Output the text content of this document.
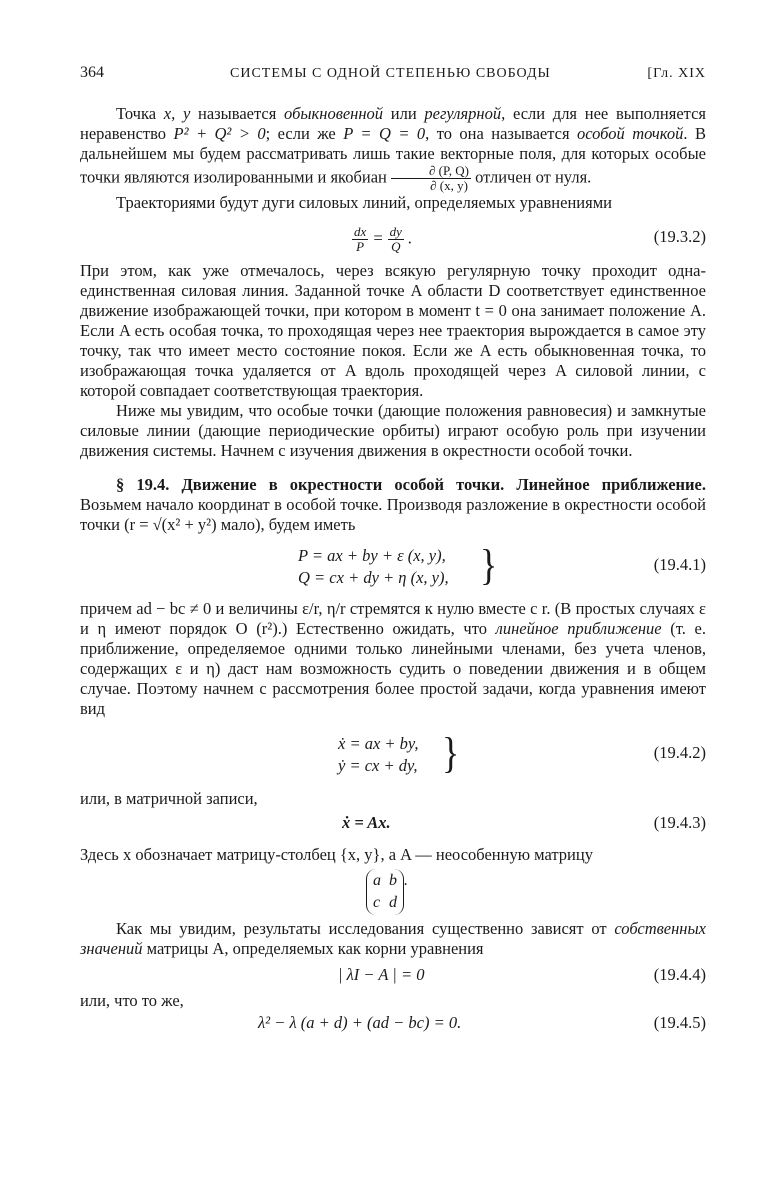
364	СИСТЕМЫ С ОДНОЙ СТЕПЕНЬЮ СВОБОДЫ	[Гл. XIX

Точка x, y называется обыкновенной или регулярной, если для нее выполняется неравенство P² + Q² > 0; если же P = Q = 0, то она называется особой точкой. В дальнейшем мы будем рассматривать лишь такие векторные поля, для которых особые точки являются изолированными и якобиан $\frac{\partial (P, Q)}{\partial (x, y)}$ отличен от нуля.

Траекториями будут дуги силовых линий, определяемых уравнениями

$\frac{dx}{P} = \frac{dy}{Q}$ .	(19.3.2)

При этом, как уже отмечалось, через всякую регулярную точку проходит одна-единственная силовая линия. Заданной точке A области D соответствует единственное движение изображающей точки, при котором в момент t = 0 она занимает положение A. Если A есть особая точка, то проходящая через нее траектория вырождается в самое эту точку, так что имеет место состояние покоя. Если же A есть обыкновенная точка, то изображающая точка удаляется от A вдоль проходящей через A силовой линии, с которой совпадает соответствующая траектория.

Ниже мы увидим, что особые точки (дающие положения равновесия) и замкнутые силовые линии (дающие периодические орбиты) играют особую роль при изучении движения системы. Начнем с изучения движения в окрестности особой точки.

§ 19.4. Движение в окрестности особой точки. Линейное приближение. Возьмем начало координат в особой точке. Производя разложение в окрестности особой точки (r = √(x² + y²) мало), будем иметь

P = ax + by + ε (x, y),
Q = cx + dy + η (x, y), }	(19.4.1)

причем ad − bc ≠ 0 и величины ε/r, η/r стремятся к нулю вместе с r. (В простых случаях ε и η имеют порядок O (r²).) Естественно ожидать, что линейное приближение (т. е. приближение, определяемое одними только линейными членами, без учета членов, содержащих ε и η) даст нам возможность судить о поведении движения и в общем случае. Поэтому начнем с рассмотрения более простой задачи, когда уравнения имеют вид

ẋ = ax + by,
ẏ = cx + dy, }	(19.4.2)

или, в матричной записи,

ẋ = Ax.	(19.4.3)

Здесь x обозначает матрицу-столбец {x, y}, а A — неособенную матрицу

a b
c d
.

Как мы увидим, результаты исследования существенно зависят от собственных значений матрицы A, определяемых как корни уравнения

| λI − A | = 0	(19.4.4)

или, что то же,

λ² − λ (a + d) + (ad − bc) = 0.	(19.4.5)
